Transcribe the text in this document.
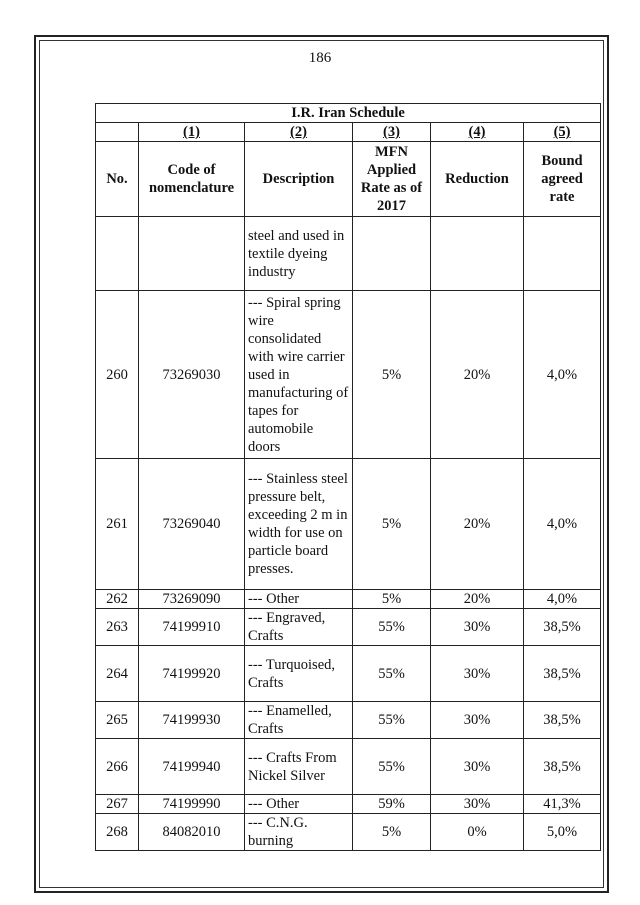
186
I.R. Iran Schedule					
	(1)	(2)	(3)	(4)	(5)
No.	Code of nomenclature	Description	MFN Applied Rate as of 2017	Reduction	Bound agreed rate
		steel and used in textile dyeing industry			
260	73269030	--- Spiral spring wire consolidated with wire carrier used in manufacturing of tapes for automobile doors	5%	20%	4,0%
261	73269040	--- Stainless steel pressure belt, exceeding 2 m in width for use on particle board presses.	5%	20%	4,0%
262	73269090	--- Other	5%	20%	4,0%
263	74199910	--- Engraved, Crafts	55%	30%	38,5%
264	74199920	--- Turquoised, Crafts	55%	30%	38,5%
265	74199930	--- Enamelled, Crafts	55%	30%	38,5%
266	74199940	--- Crafts From Nickel Silver	55%	30%	38,5%
267	74199990	--- Other	59%	30%	41,3%
268	84082010	--- C.N.G. burning	5%	0%	5,0%
